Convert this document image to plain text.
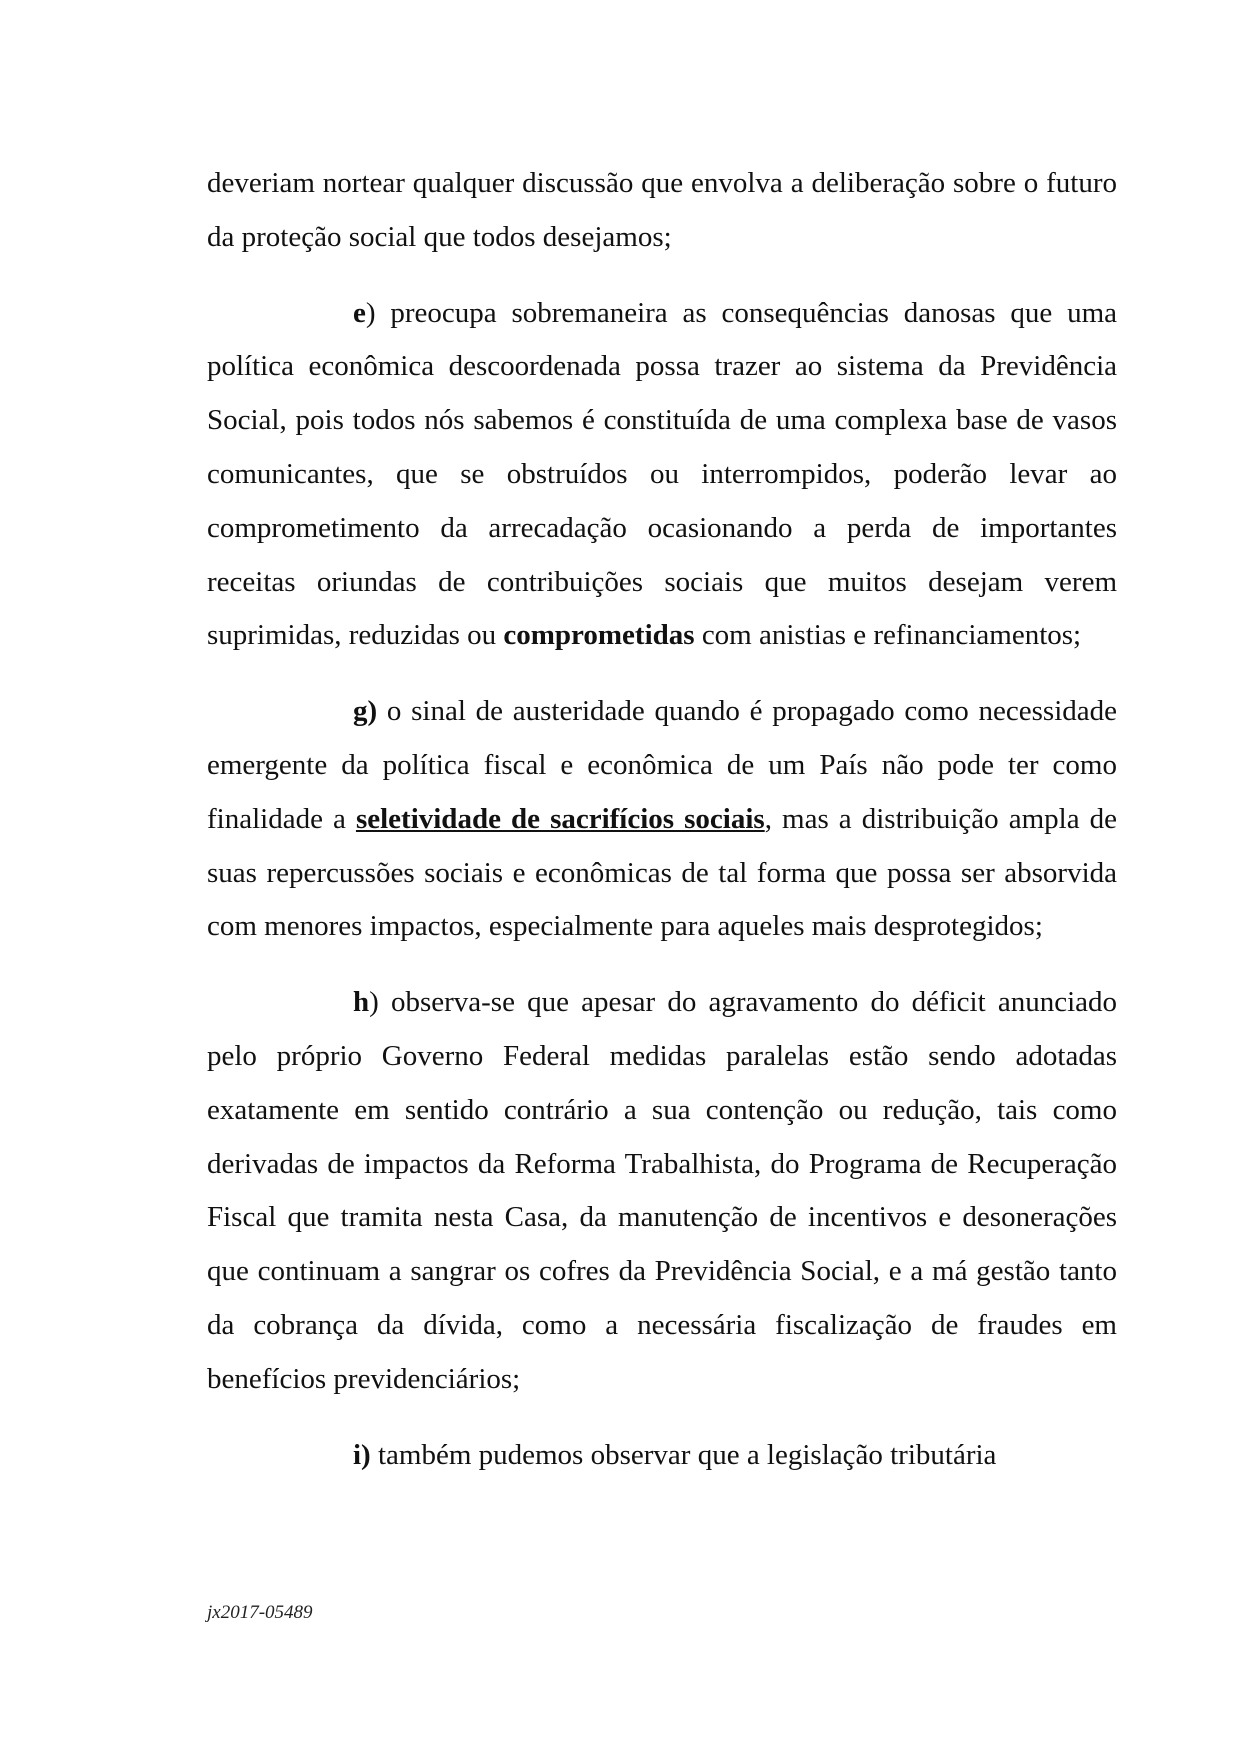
deveriam nortear qualquer discussão que envolva a deliberação sobre o futuro da proteção social que todos desejamos;

e) preocupa sobremaneira as consequências danosas que uma política econômica descoordenada possa trazer ao sistema da Previdência Social, pois todos nós sabemos é constituída de uma complexa base de vasos comunicantes, que se obstruídos ou interrompidos, poderão levar ao comprometimento da arrecadação ocasionando a perda de importantes receitas oriundas de contribuições sociais que muitos desejam verem suprimidas, reduzidas ou comprometidas com anistias e refinanciamentos;

g) o sinal de austeridade quando é propagado como necessidade emergente da política fiscal e econômica de um País não pode ter como finalidade a seletividade de sacrifícios sociais, mas a distribuição ampla de suas repercussões sociais e econômicas de tal forma que possa ser absorvida com menores impactos, especialmente para aqueles mais desprotegidos;

h) observa-se que apesar do agravamento do déficit anunciado pelo próprio Governo Federal medidas paralelas estão sendo adotadas exatamente em sentido contrário a sua contenção ou redução, tais como derivadas de impactos da Reforma Trabalhista, do Programa de Recuperação Fiscal que tramita nesta Casa, da manutenção de incentivos e desonerações que continuam a sangrar os cofres da Previdência Social, e a má gestão tanto da cobrança da dívida, como a necessária fiscalização de fraudes em benefícios previdenciários;

i) também pudemos observar que a legislação tributária

jx2017-05489
